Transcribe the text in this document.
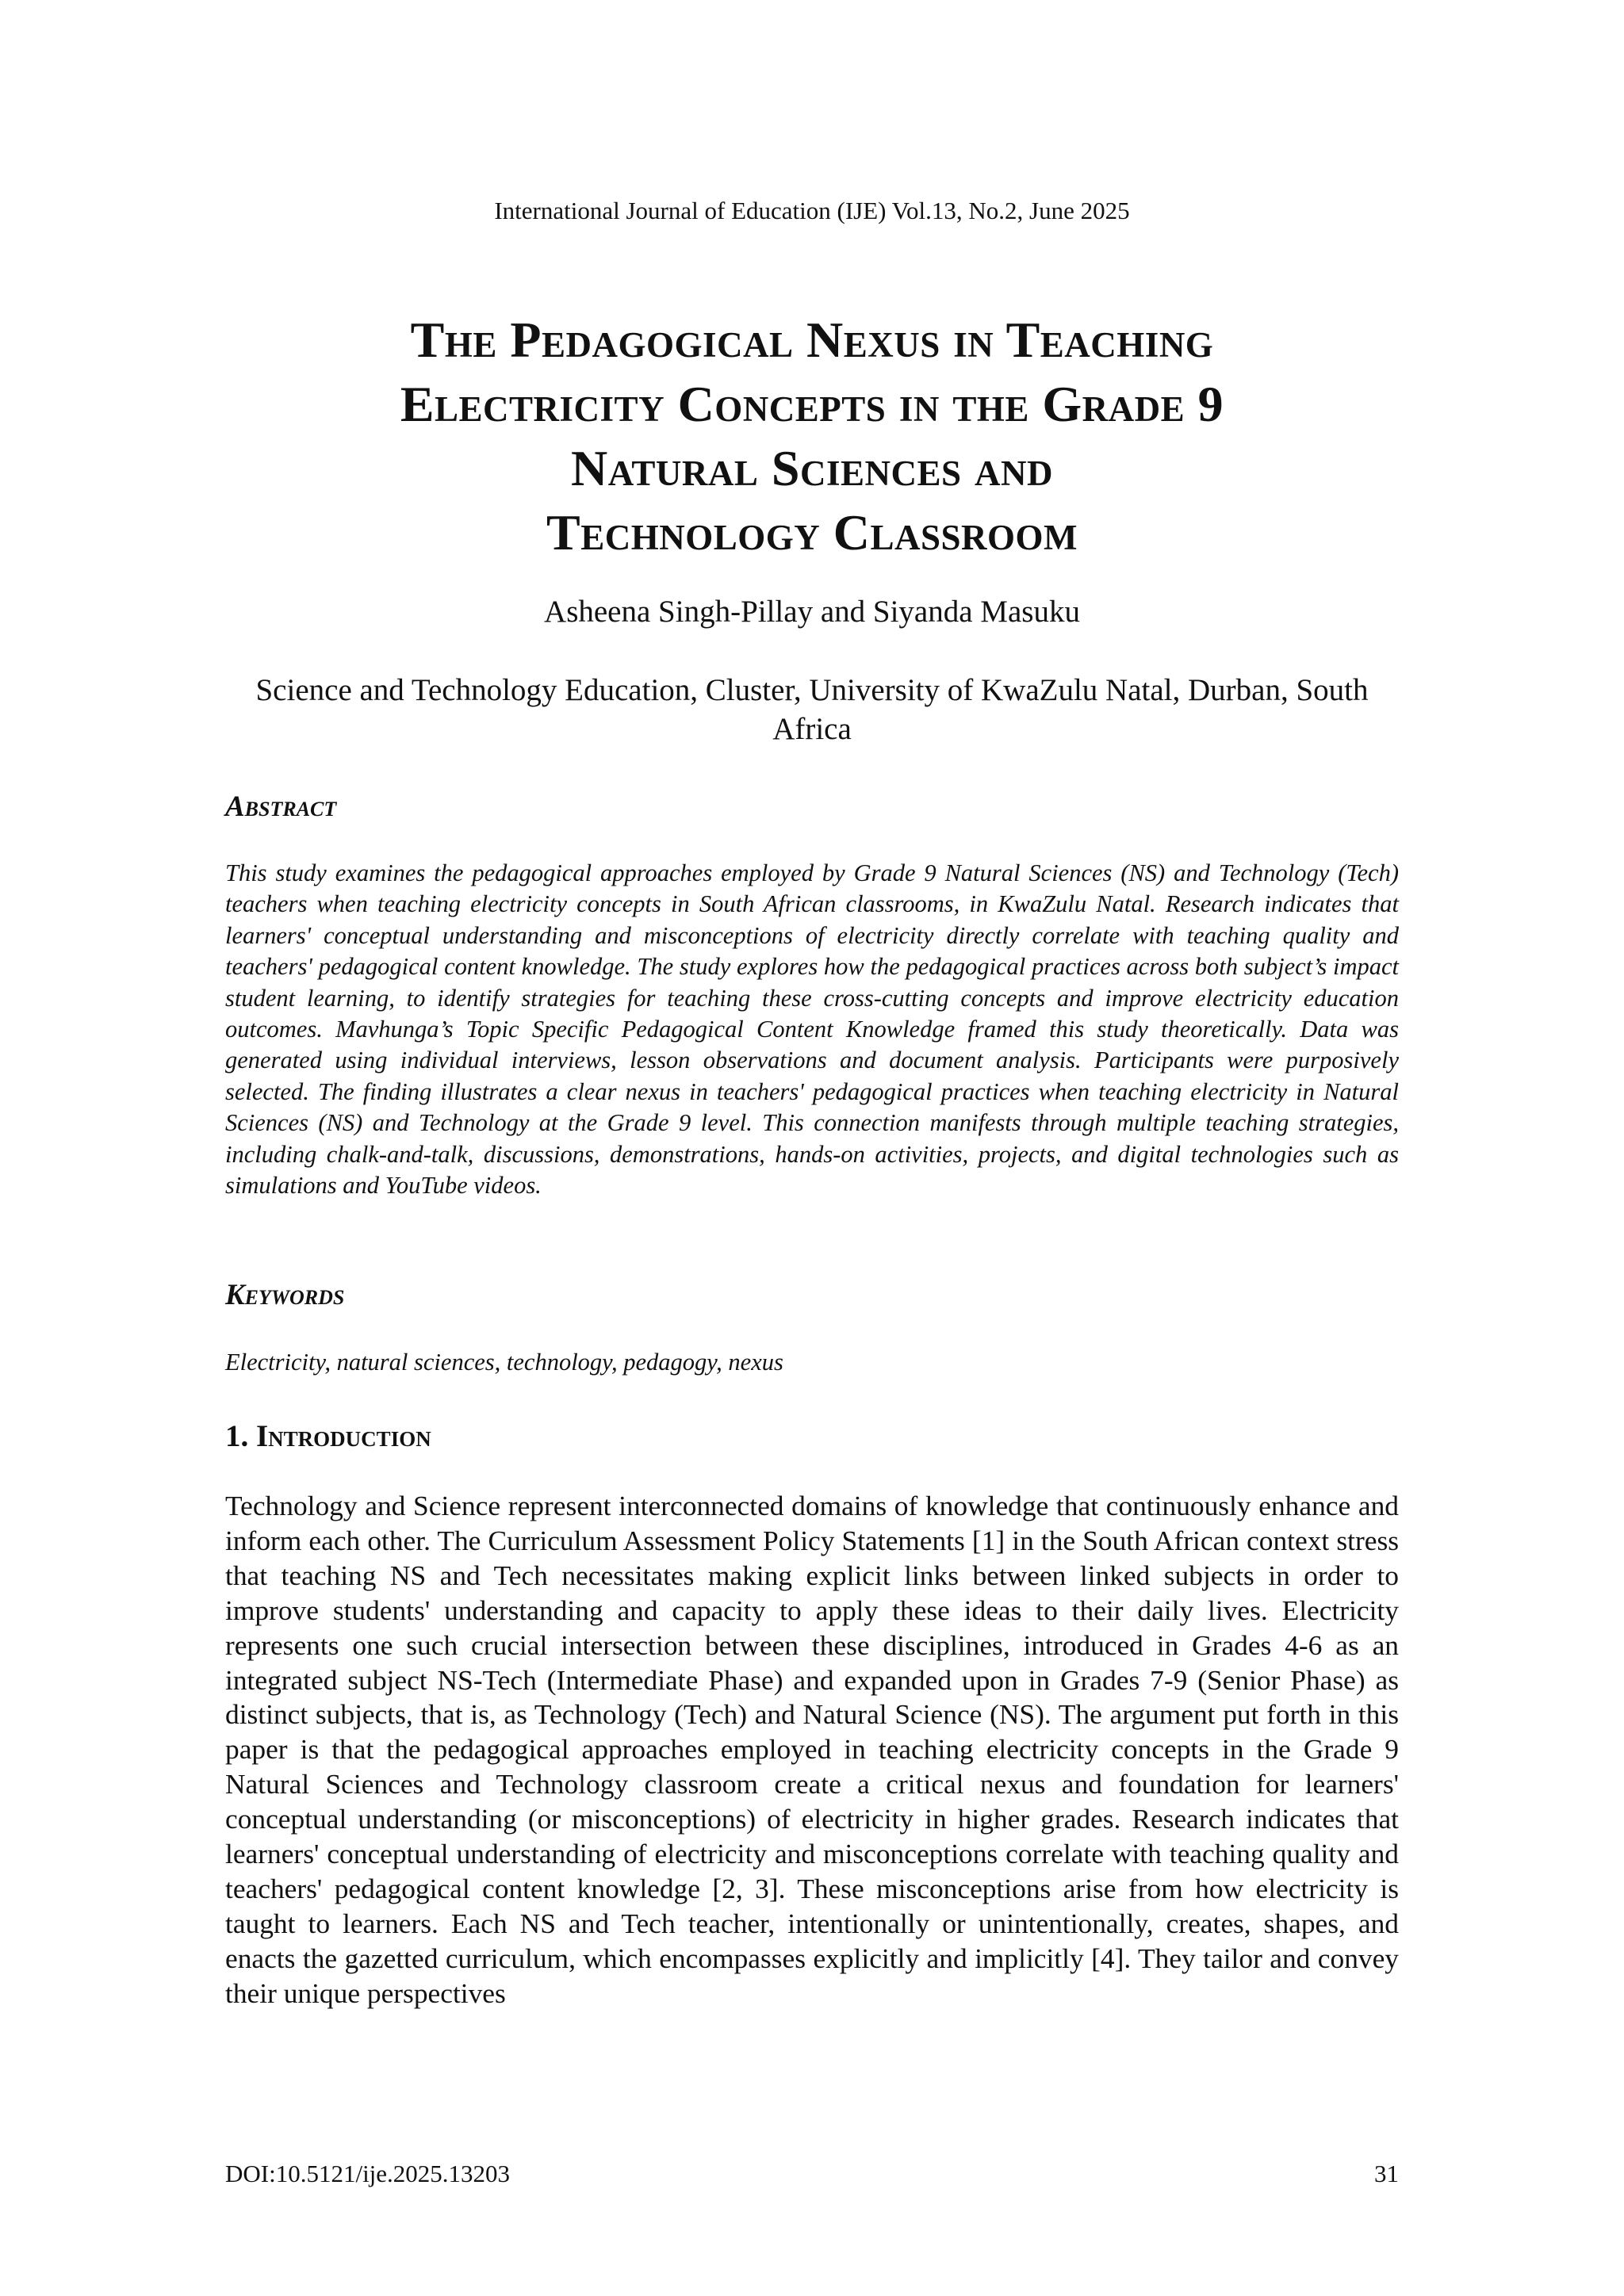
International Journal of Education (IJE) Vol.13, No.2, June 2025
The Pedagogical Nexus in Teaching
Electricity Concepts in the Grade 9
Natural Sciences and
Technology Classroom
Asheena Singh-Pillay and Siyanda Masuku
Science and Technology Education, Cluster, University of KwaZulu Natal, Durban, South Africa
Abstract

This study examines the pedagogical approaches employed by Grade 9 Natural Sciences (NS) and Technology (Tech) teachers when teaching electricity concepts in South African classrooms, in KwaZulu Natal. Research indicates that learners' conceptual understanding and misconceptions of electricity directly correlate with teaching quality and teachers' pedagogical content knowledge. The study explores how the pedagogical practices across both subject’s impact student learning, to identify strategies for teaching these cross-cutting concepts and improve electricity education outcomes. Mavhunga’s Topic Specific Pedagogical Content Knowledge framed this study theoretically. Data was generated using individual interviews, lesson observations and document analysis. Participants were purposively selected. The finding illustrates a clear nexus in teachers' pedagogical practices when teaching electricity in Natural Sciences (NS) and Technology at the Grade 9 level. This connection manifests through multiple teaching strategies, including chalk-and-talk, discussions, demonstrations, hands-on activities, projects, and digital technologies such as simulations and YouTube videos.

Keywords

Electricity, natural sciences, technology, pedagogy, nexus

1. Introduction

Technology and Science represent interconnected domains of knowledge that continuously enhance and inform each other. The Curriculum Assessment Policy Statements [1] in the South African context stress that teaching NS and Tech necessitates making explicit links between linked subjects in order to improve students' understanding and capacity to apply these ideas to their daily lives. Electricity represents one such crucial intersection between these disciplines, introduced in Grades 4-6 as an integrated subject NS-Tech (Intermediate Phase) and expanded upon in Grades 7-9 (Senior Phase) as distinct subjects, that is, as Technology (Tech) and Natural Science (NS). The argument put forth in this paper is that the pedagogical approaches employed in teaching electricity concepts in the Grade 9 Natural Sciences and Technology classroom create a critical nexus and foundation for learners' conceptual understanding (or misconceptions) of electricity in higher grades. Research indicates that learners' conceptual understanding of electricity and misconceptions correlate with teaching quality and teachers' pedagogical content knowledge [2, 3]. These misconceptions arise from how electricity is taught to learners. Each NS and Tech teacher, intentionally or unintentionally, creates, shapes, and enacts the gazetted curriculum, which encompasses explicitly and implicitly [4]. They tailor and convey their unique perspectives

DOI:10.5121/ije.2025.13203	31
